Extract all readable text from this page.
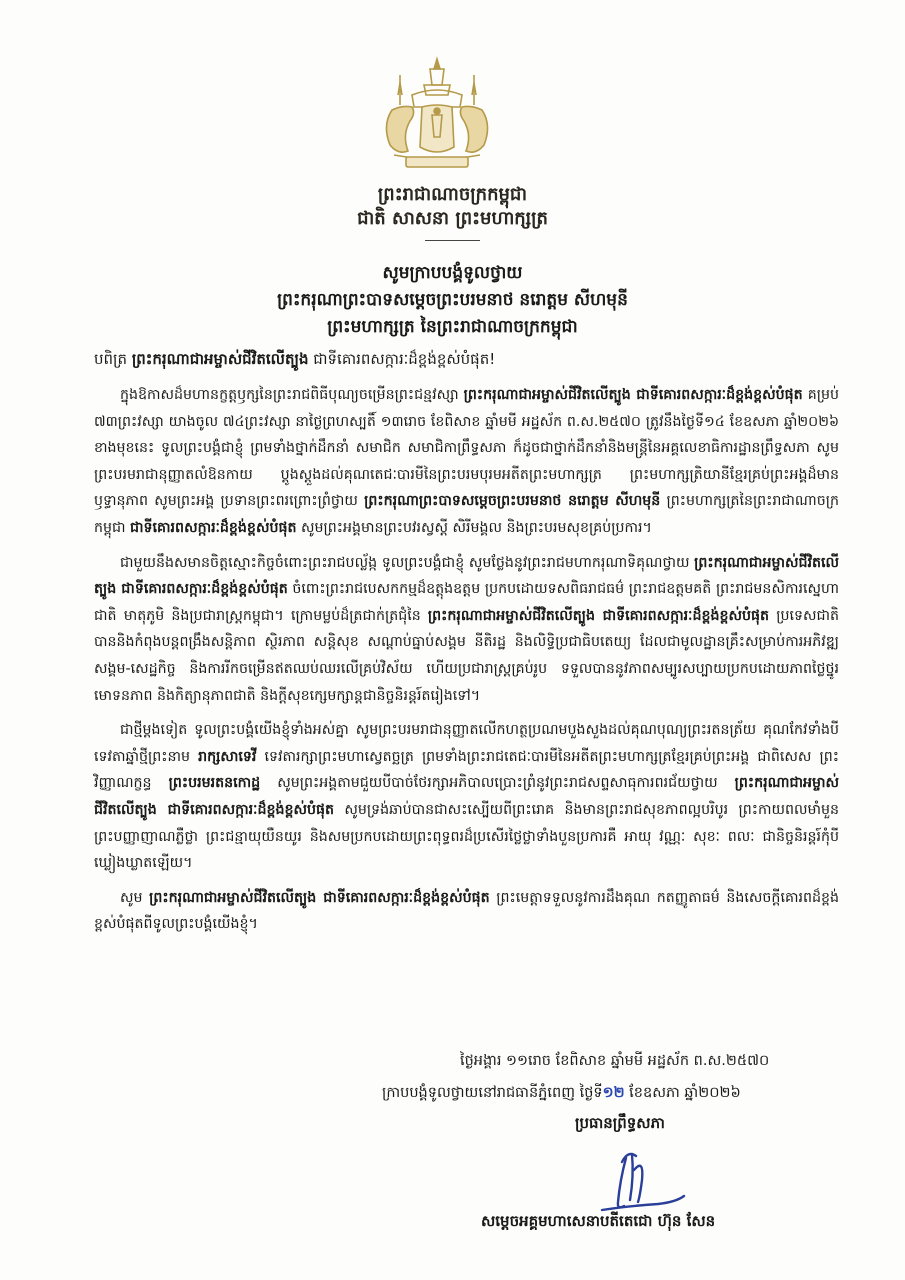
ព្រះរាជាណាចក្រកម្ពុជា
ជាតិ សាសនា ព្រះមហាក្សត្រ
សូមក្រាបបង្គំទូលថ្វាយ
ព្រះករុណាព្រះបាទសម្តេចព្រះបរមនាថ នរោត្តម សីហមុនី
ព្រះមហាក្សត្រ នៃព្រះរាជាណាចក្រកម្ពុជា
បពិត្រ ព្រះករុណាជាអម្ចាស់ជីវិតលើត្បូង ជាទីគោរពសក្ការៈដ៏ខ្ពង់ខ្ពស់បំផុត!

ក្នុងឱកាសដ៏មហានក្ខត្តឫក្សនៃព្រះរាជពិធីបុណ្យចម្រើនព្រះជន្មវស្សា ព្រះករុណាជាអម្ចាស់ជីវិតលើត្បូង ជាទីគោរពសក្ការៈដ៏ខ្ពង់ខ្ពស់បំផុត គម្រប់ ៧៣ព្រះវស្សា យាងចូល ៧៤ព្រះវស្សា នាថ្ងៃព្រហស្បតិ៍ ១៣រោច ខែពិសាខ ឆ្នាំមមី អដ្ឋស័ក ព.ស.២៥៧០ ត្រូវនឹងថ្ងៃទី១៤ ខែឧសភា ឆ្នាំ២០២៦ ខាងមុខនេះ ទូលព្រះបង្គំជាខ្ញុំ ព្រមទាំងថ្នាក់ដឹកនាំ សមាជិក សមាជិកាព្រឹទ្ធសភា ក៏ដូចជាថ្នាក់ដឹកនាំនិងមន្ត្រីនៃអគ្គលេខាធិការដ្ឋានព្រឹទ្ធសភា សូមព្រះបរមរាជានុញ្ញាតលំឱនកាយ ប្តូងស្តួងដល់គុណតេជៈបារមីនៃព្រះបរមបុរមអតីតព្រះមហាក្សត្រ ព្រះមហាក្សត្រិយានីខ្មែរគ្រប់ព្រះអង្គដ៏មានឫទ្ធានុភាព សូមព្រះអង្គ ប្រទានព្រះពរព្រោះព្រំថ្វាយ ព្រះករុណាព្រះបាទសម្តេចព្រះបរមនាថ នរោត្តម សីហមុនី ព្រះមហាក្សត្រនៃព្រះរាជាណាចក្រកម្ពុជា ជាទីគោរពសក្ការៈដ៏ខ្ពង់ខ្ពស់បំផុត សូមព្រះអង្គមានព្រះបវរស្វស្តី សិរីមង្គល និងព្រះបរមសុខគ្រប់ប្រការ។

ជាមួយនឹងសមានចិត្តស្មោះកិច្ចចំពោះព្រះរាជបល្ល័ង្ក ទូលព្រះបង្គំជាខ្ញុំ សូមថ្លែងនូវព្រះរាជមហាករុណាទិគុណថ្វាយ ព្រះករុណាជាអម្ចាស់ជីវិតលើត្បូង ជាទីគោរពសក្ការៈដ៏ខ្ពង់ខ្ពស់បំផុត ចំពោះព្រះរាជបេសកកម្មដ៏ឧត្តុងឧត្តម ប្រកបដោយទសពិធរាជធម៌ ព្រះរាជឧត្តមគតិ ព្រះរាជមនសិការស្នេហាជាតិ មាតុភូមិ និងប្រជារាស្ត្រកម្ពុជា។ ក្រោមម្លប់ដ៏ត្រជាក់ត្រជុំនៃ ព្រះករុណាជាអម្ចាស់ជីវិតលើត្បូង ជាទីគោរពសក្ការៈដ៏ខ្ពង់ខ្ពស់បំផុត ប្រទេសជាតិបាននិងកំពុងបន្តពង្រឹងសន្តិភាព ស្ថិរភាព សន្តិសុខ សណ្តាប់ធ្នាប់សង្គម នីតិរដ្ឋ និងលិទ្ធិប្រជាធិបតេយ្យ ដែលជាមូលដ្ឋានគ្រឹះសម្រាប់ការអភិវឌ្ឍសង្គម-សេដ្ឋកិច្ច និងការរីកចម្រើនឥតឈប់ឈរលើគ្រប់វិស័យ ហើយប្រជារាស្ត្រគ្រប់រូប ទទួលបាននូវភាពសម្បូរសប្បាយប្រកបដោយភាពថ្លៃថ្នូរ មោទនភាព និងកិត្យានុភាពជាតិ និងក្តីសុខក្សេមក្សាន្តជានិច្ចនិរន្តរ៍តរៀងទៅ។

ជាថ្មីម្តងទៀត ទូលព្រះបង្គំយើងខ្ញុំទាំងអស់គ្នា សូមព្រះបរមរាជានុញ្ញាតលើកហត្ថប្រណមបួងសួងដល់គុណបុណ្យព្រះរតនត្រ័យ គុណកែវទាំងបី ទេវតាឆ្នាំថ្មីព្រះនាម រាក្សសាទេវី ទេវតារក្សាព្រះមហាស្វេតច្ឆត្រ ព្រមទាំងព្រះរាជតេជៈបារមីនៃអតីតព្រះមហាក្សត្រខ្មែរគ្រប់ព្រះអង្គ ជាពិសេស ព្រះវិញ្ញាណក្ខន្ធ ព្រះបរមរតនកោដ្ឋ សូមព្រះអង្គតាមជួយបីបាច់ថែរក្សាអភិបាលប្រោះព្រំនូវព្រះរាជសព្ទសាធុការពរជ័យថ្វាយ ព្រះករុណាជាអម្ចាស់ជីវិតលើត្បូង ជាទីគោរពសក្ការៈដ៏ខ្ពង់ខ្ពស់បំផុត សូមទ្រង់ឆាប់បានជាសះស្បើយពីព្រះរោគ និងមានព្រះរាជសុខភាពល្អបរិបូរ ព្រះកាយពលមាំមួន ព្រះបញ្ញាញាណភ្លឺថ្លា ព្រះជន្មាយុយឺនយូរ និងសមប្រកបដោយព្រះពុទ្ធពរដ៏ប្រសើរថ្លៃថ្លាទាំងបួនប្រការគឺ អាយុ វណ្ណៈ សុខៈ ពលៈ ជានិច្ចនិរន្តរ៍កុំបីឃ្លៀងឃ្លាតឡើយ។

សូម ព្រះករុណាជាអម្ចាស់ជីវិតលើត្បូង ជាទីគោរពសក្ការៈដ៏ខ្ពង់ខ្ពស់បំផុត ព្រះមេត្តាទទួលនូវការដឹងគុណ កតញ្ញូតាធម៌ និងសេចក្តីគោរពដ៏ខ្ពង់ខ្ពស់បំផុតពីទូលព្រះបង្គំយើងខ្ញុំ។

ថ្ងៃអង្គារ ១១រោច ខែពិសាខ ឆ្នាំមមី អដ្ឋស័ក ព.ស.២៥៧០
ក្រាបបង្គំទូលថ្វាយនៅរាជធានីភ្នំពេញ ថ្ងៃទី១២ ខែឧសភា ឆ្នាំ២០២៦
ប្រធានព្រឹទ្ធសភា
សម្តេចអគ្គមហាសេនាបតីតេជោ ហ៊ុន សែន
